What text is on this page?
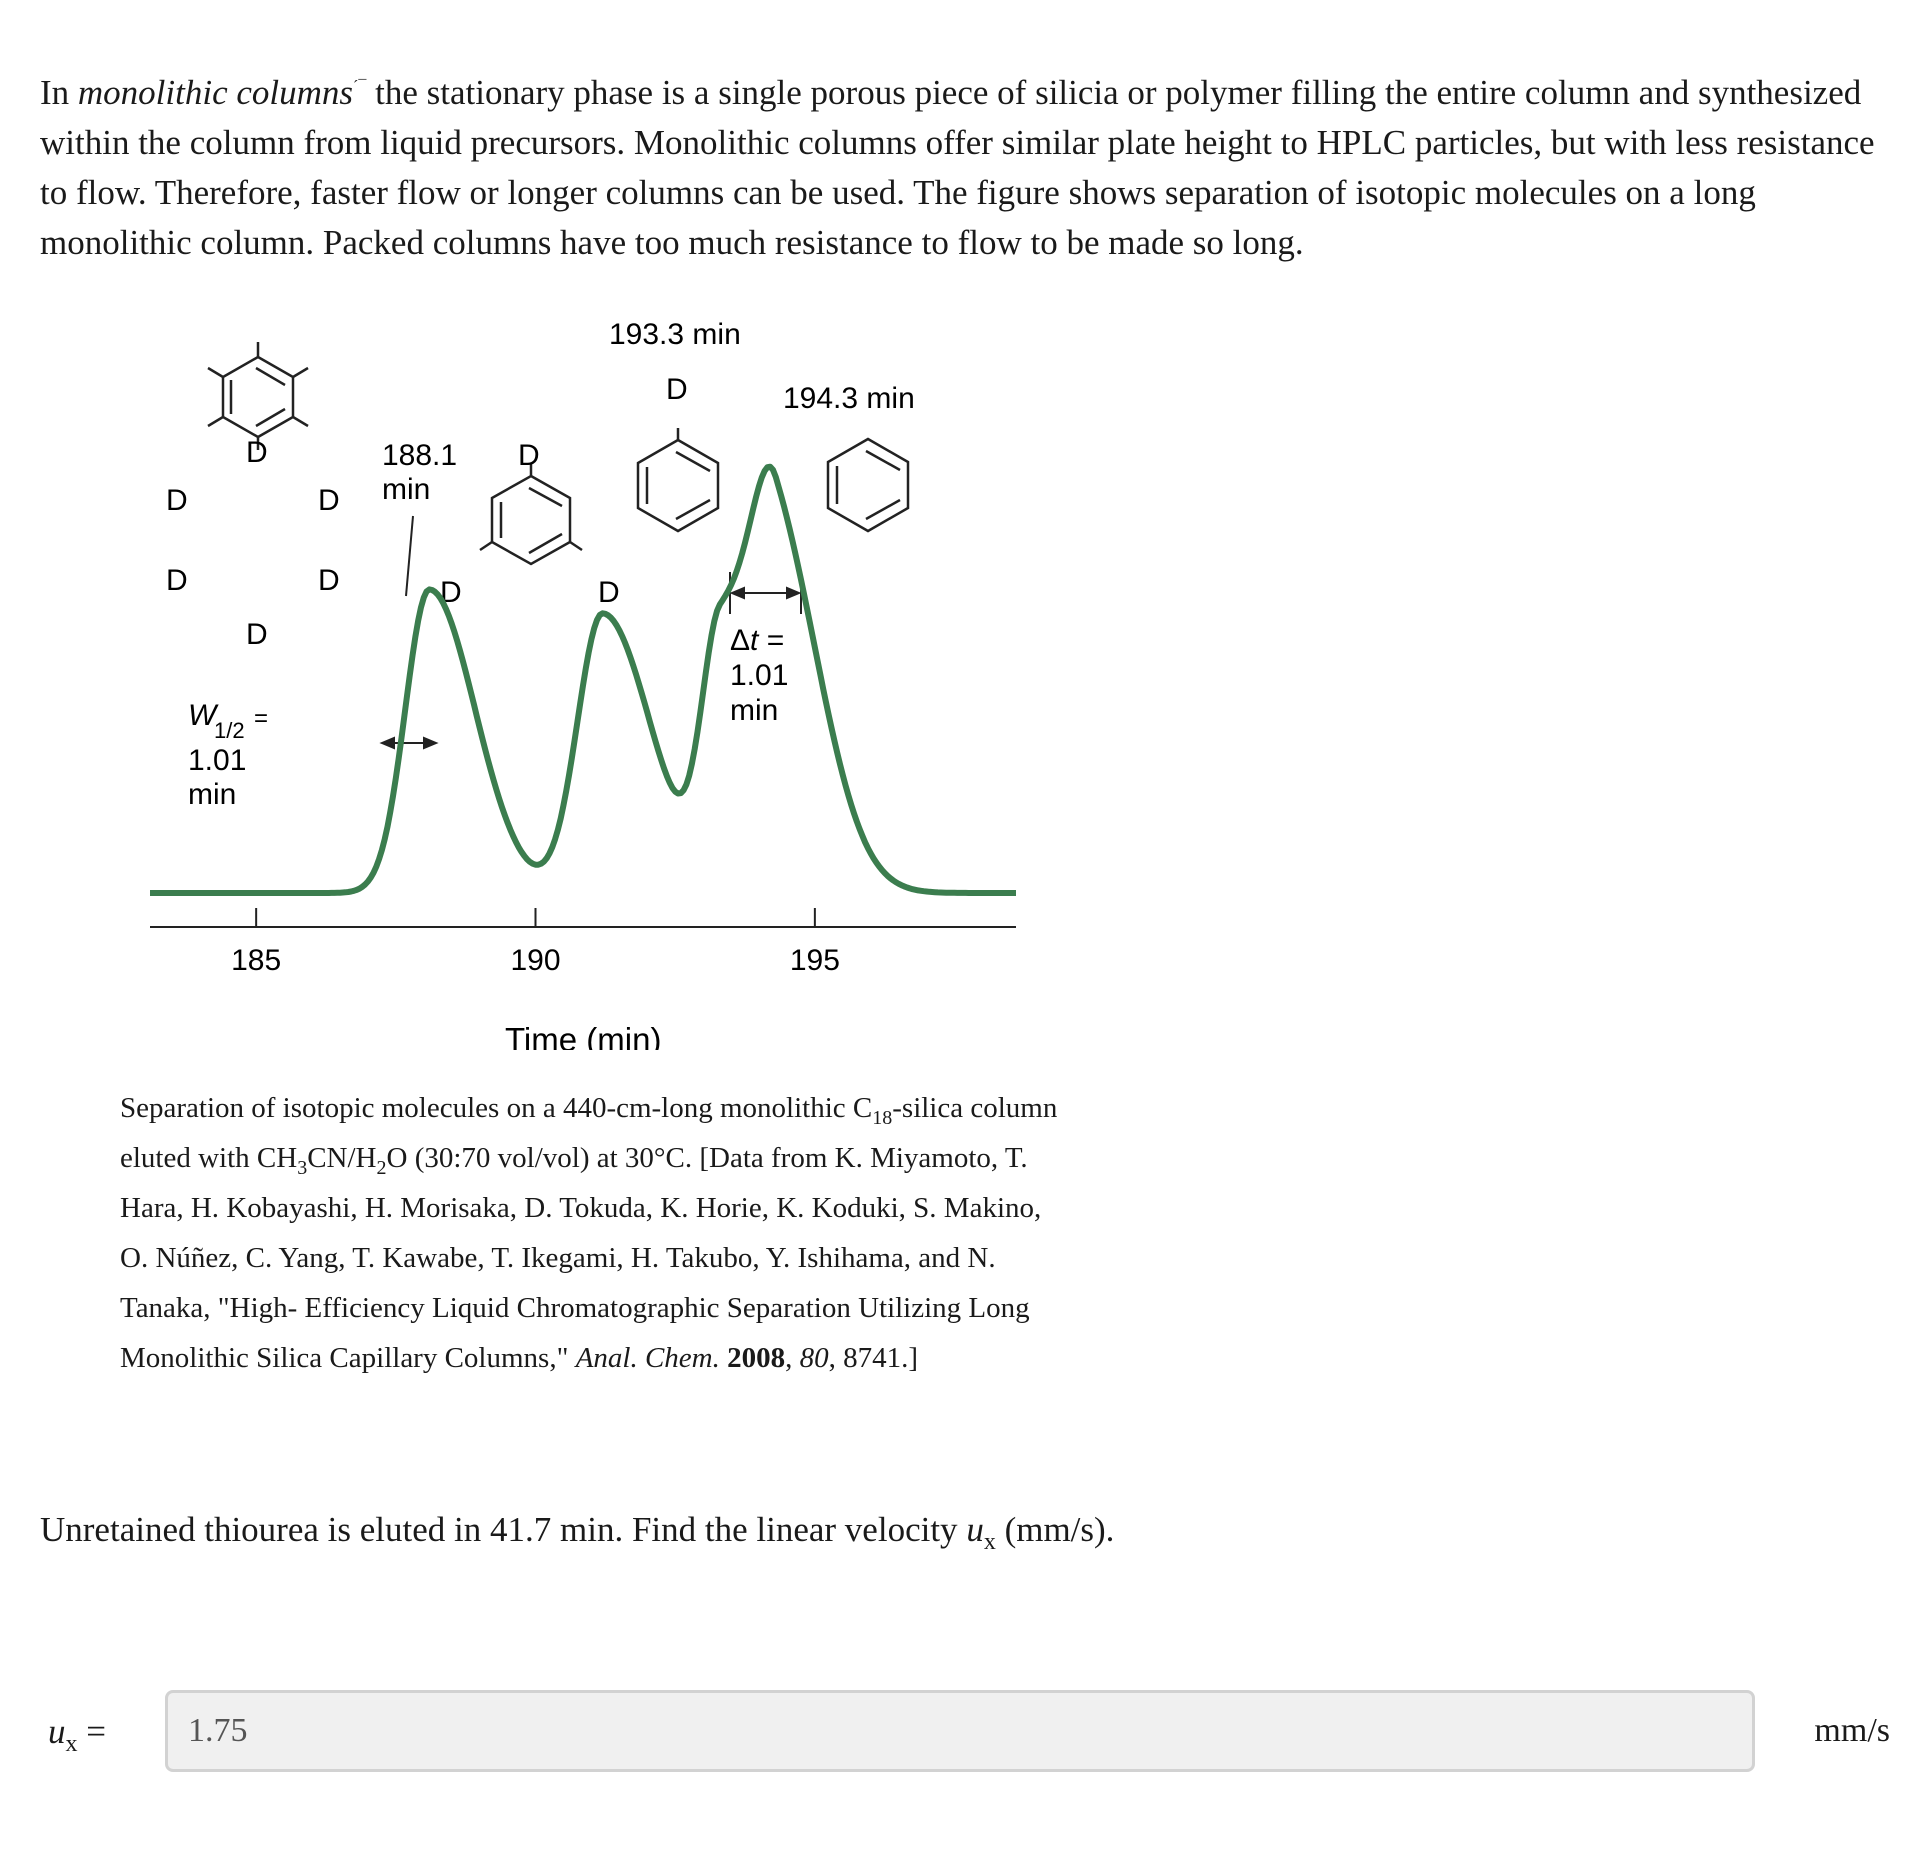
In monolithic columns´¯ the stationary phase is a single porous piece of silicia or polymer filling the entire column and synthesized within the column from liquid precursors. Monolithic columns offer similar plate height to HPLC particles, but with less resistance to flow. Therefore, faster flow or longer columns can be used. The figure shows separation of isotopic molecules on a long monolithic column. Packed columns have too much resistance to flow to be made so long.

D
D
D
D
D
D
D
D
D
D
193.3 min
194.3 min
188.1
min
W
1/2 =
1.01
min
Δt =
1.01
min
185	190	195
Time (min)

Separation of isotopic molecules on a 440-cm-long monolithic $C_{18}$-silica column eluted with $CH_3CN/H_2O$ (30:70 vol/vol) at 30°C. [Data from K. Miyamoto, T. Hara, H. Kobayashi, H. Morisaka, D. Tokuda, K. Horie, K. Koduki, S. Makino, O. Núñez, C. Yang, T. Kawabe, T. Ikegami, H. Takubo, Y. Ishihama, and N. Tanaka, "High- Efficiency Liquid Chromatographic Separation Utilizing Long Monolithic Silica Capillary Columns," Anal. Chem. 2008, 80, 8741.]

Unretained thiourea is eluted in 41.7 min. Find the linear velocity $u_x$ (mm/s).

$u_x$ =
1.75	mm/s
